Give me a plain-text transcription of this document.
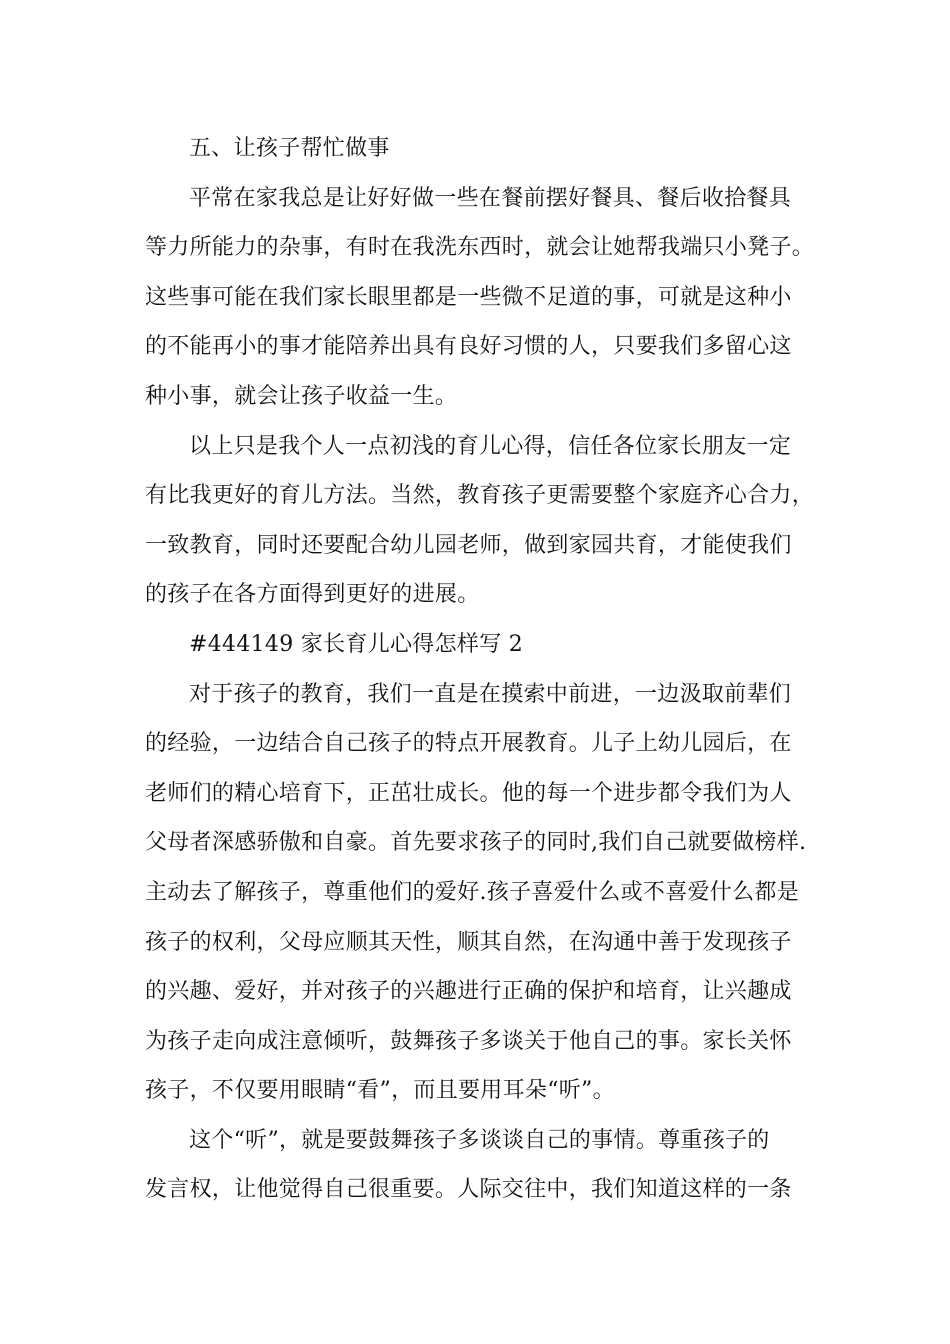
五、让孩子帮忙做事
平常在家我总是让好好做一些在餐前摆好餐具、餐后收拾餐具
等力所能力的杂事，有时在我洗东西时，就会让她帮我端只小凳子。
这些事可能在我们家长眼里都是一些微不足道的事，可就是这种小
的不能再小的事才能陪养出具有良好习惯的人，只要我们多留心这
种小事，就会让孩子收益一生。
以上只是我个人一点初浅的育儿心得，信任各位家长朋友一定
有比我更好的育儿方法。当然，教育孩子更需要整个家庭齐心合力，
一致教育，同时还要配合幼儿园老师，做到家园共育，才能使我们
的孩子在各方面得到更好的进展。
#444149 家长育儿心得怎样写 2
对于孩子的教育，我们一直是在摸索中前进，一边汲取前辈们
的经验，一边结合自己孩子的特点开展教育。儿子上幼儿园后，在
老师们的精心培育下，正茁壮成长。他的每一个进步都令我们为人
父母者深感骄傲和自豪。首先要求孩子的同时,我们自己就要做榜样.
主动去了解孩子，尊重他们的爱好.孩子喜爱什么或不喜爱什么都是
孩子的权利，父母应顺其天性，顺其自然，在沟通中善于发现孩子
的兴趣、爱好，并对孩子的兴趣进行正确的保护和培育，让兴趣成
为孩子走向成注意倾听，鼓舞孩子多谈关于他自己的事。家长关怀
孩子，不仅要用眼睛“看”，而且要用耳朵“听”。
这个“听”，就是要鼓舞孩子多谈谈自己的事情。尊重孩子的
发言权，让他觉得自己很重要。人际交往中，我们知道这样的一条
